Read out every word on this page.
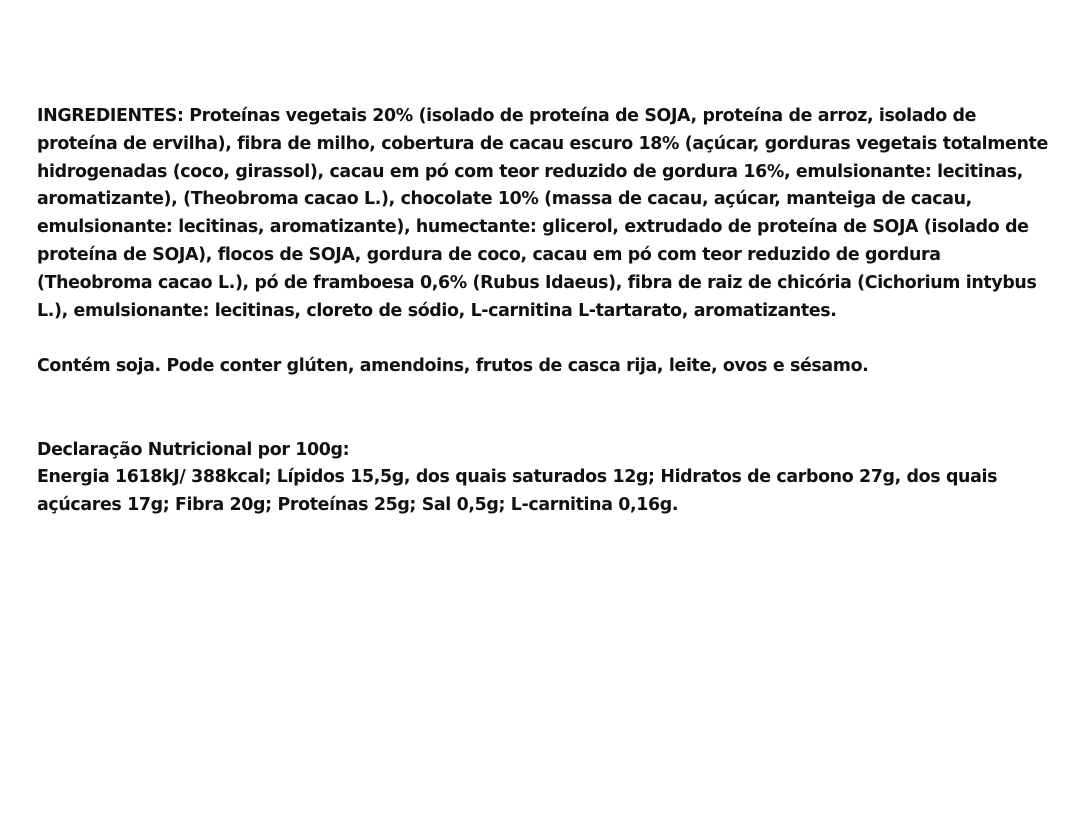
INGREDIENTES: Proteínas vegetais 20% (isolado de proteína de SOJA, proteína de arroz, isolado de
proteína de ervilha), fibra de milho, cobertura de cacau escuro 18% (açúcar, gorduras vegetais totalmente
hidrogenadas (coco, girassol), cacau em pó com teor reduzido de gordura 16%, emulsionante: lecitinas,
aromatizante), (Theobroma cacao L.), chocolate 10% (massa de cacau, açúcar, manteiga de cacau,
emulsionante: lecitinas, aromatizante), humectante: glicerol, extrudado de proteína de SOJA (isolado de
proteína de SOJA), flocos de SOJA, gordura de coco, cacau em pó com teor reduzido de gordura
(Theobroma cacao L.), pó de framboesa 0,6% (Rubus Idaeus), fibra de raiz de chicória (Cichorium intybus
L.), emulsionante: lecitinas, cloreto de sódio, L-carnitina L-tartarato, aromatizantes.
Contém soja. Pode conter glúten, amendoins, frutos de casca rija, leite, ovos e sésamo.
Declaração Nutricional por 100g:
Energia 1618kJ/ 388kcal; Lípidos 15,5g, dos quais saturados 12g; Hidratos de carbono 27g, dos quais
açúcares 17g; Fibra 20g; Proteínas 25g; Sal 0,5g; L-carnitina 0,16g.
